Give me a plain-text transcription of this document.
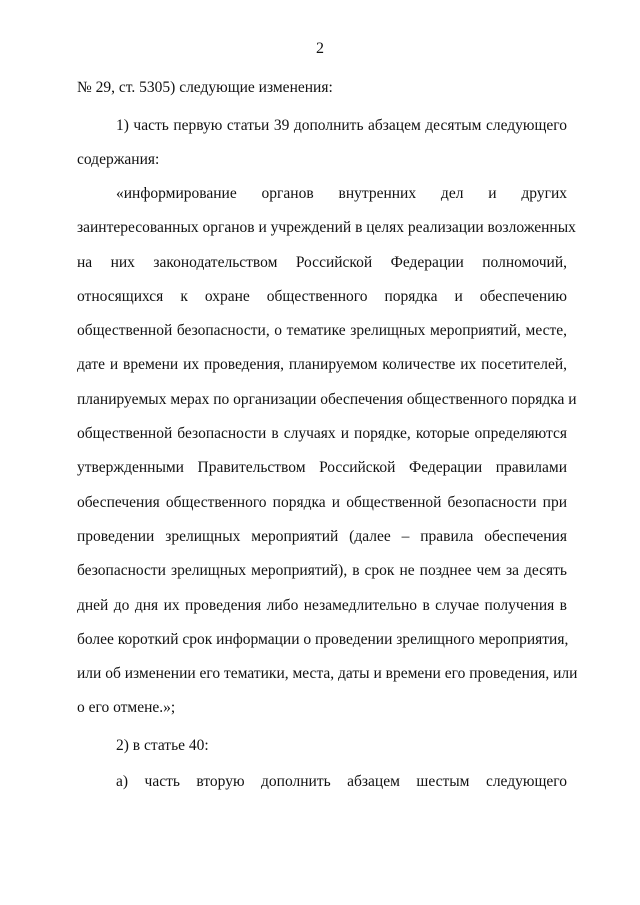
2
№ 29, ст. 5305) следующие изменения:
1) часть первую статьи 39 дополнить абзацем десятым следующего
содержания:
«информирование органов внутренних дел и других
заинтересованных органов и учреждений в целях реализации возложенных
на них законодательством Российской Федерации полномочий,
относящихся к охране общественного порядка и обеспечению
общественной безопасности, о тематике зрелищных мероприятий, месте,
дате и времени их проведения, планируемом количестве их посетителей,
планируемых мерах по организации обеспечения общественного порядка и
общественной безопасности в случаях и порядке, которые определяются
утвержденными Правительством Российской Федерации правилами
обеспечения общественного порядка и общественной безопасности при
проведении зрелищных мероприятий (далее – правила обеспечения
безопасности зрелищных мероприятий), в срок не позднее чем за десять
дней до дня их проведения либо незамедлительно в случае получения в
более короткий срок информации о проведении зрелищного мероприятия,
или об изменении его тематики, места, даты и времени его проведения, или
о его отмене.»;
2) в статье 40:
а) часть вторую дополнить абзацем шестым следующего
